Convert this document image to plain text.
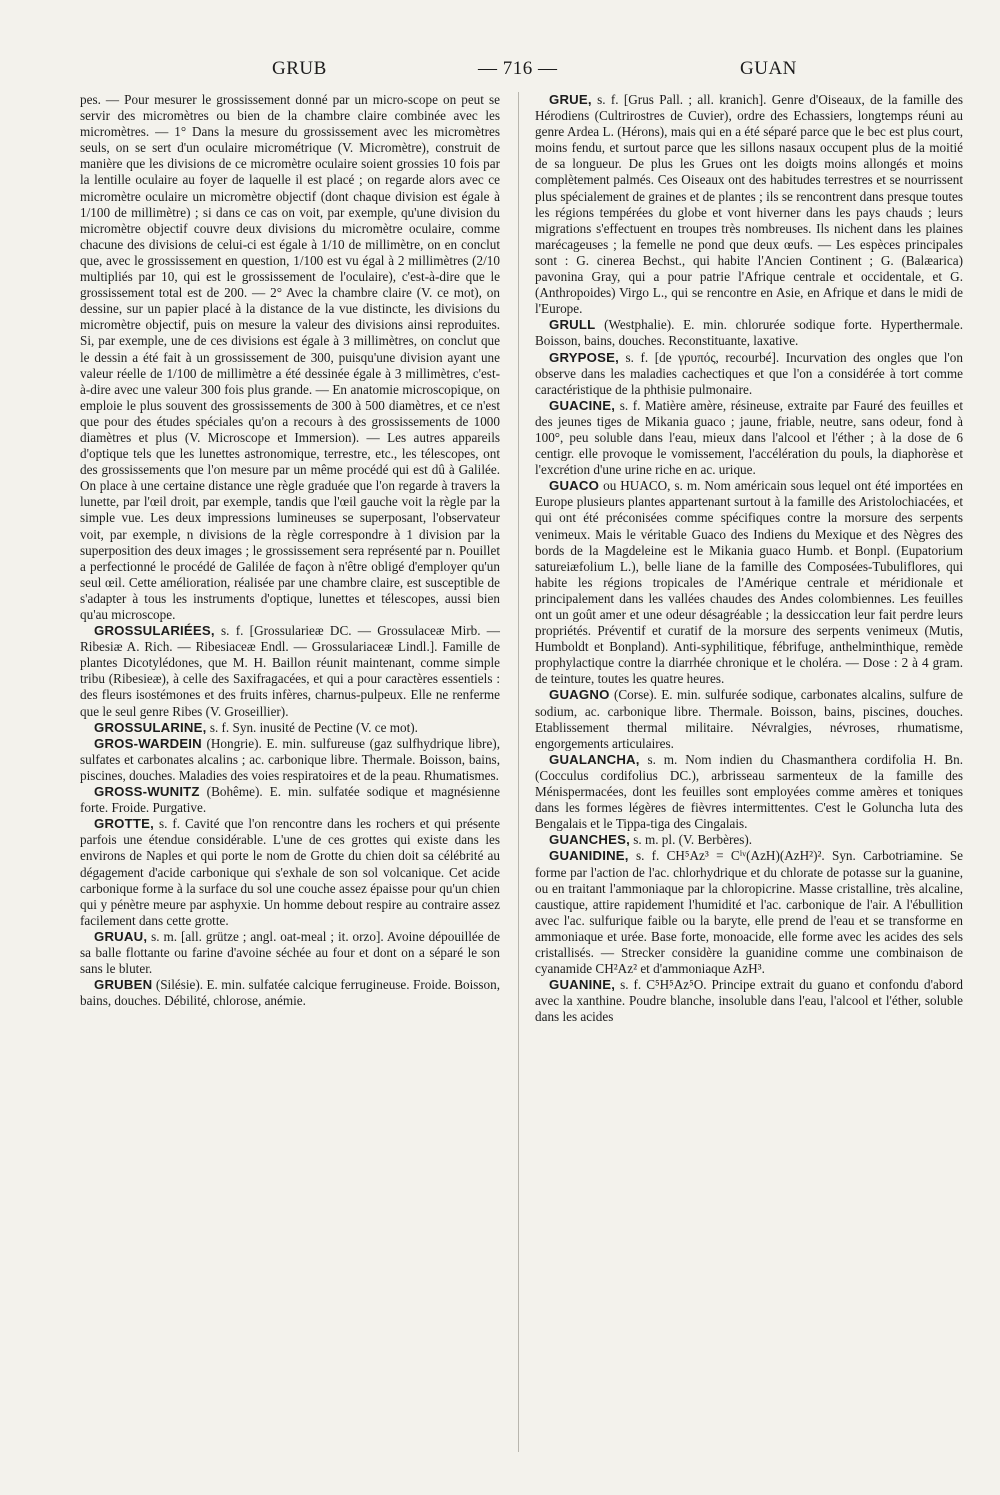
GRUB	— 716 —	GUAN

pes. — Pour mesurer le grossissement donné par un micro-scope on peut se servir des micromètres ou bien de la chambre claire combinée avec les micromètres. — 1° Dans la mesure du grossissement avec les micromètres seuls, on se sert d'un oculaire micrométrique (V. Micromètre), construit de manière que les divisions de ce micromètre oculaire soient grossies 10 fois par la lentille oculaire au foyer de laquelle il est placé ; on regarde alors avec ce micromètre oculaire un micromètre objectif (dont chaque division est égale à 1/100 de millimètre) ; si dans ce cas on voit, par exemple, qu'une division du micromètre objectif couvre deux divisions du micromètre oculaire, comme chacune des divisions de celui-ci est égale à 1/10 de millimètre, on en conclut que, avec le grossissement en question, 1/100 est vu égal à 2 millimètres (2/10 multipliés par 10, qui est le grossissement de l'oculaire), c'est-à-dire que le grossissement total est de 200. — 2° Avec la chambre claire (V. ce mot), on dessine, sur un papier placé à la distance de la vue distincte, les divisions du micromètre objectif, puis on mesure la valeur des divisions ainsi reproduites. Si, par exemple, une de ces divisions est égale à 3 millimètres, on conclut que le dessin a été fait à un grossissement de 300, puisqu'une division ayant une valeur réelle de 1/100 de millimètre a été dessinée égale à 3 millimètres, c'est-à-dire avec une valeur 300 fois plus grande. — En anatomie microscopique, on emploie le plus souvent des grossissements de 300 à 500 diamètres, et ce n'est que pour des études spéciales qu'on a recours à des grossissements de 1000 diamètres et plus (V. Microscope et Immersion). — Les autres appareils d'optique tels que les lunettes astronomique, terrestre, etc., les télescopes, ont des grossissements que l'on mesure par un même procédé qui est dû à Galilée. On place à une certaine distance une règle graduée que l'on regarde à travers la lunette, par l'œil droit, par exemple, tandis que l'œil gauche voit la règle par la simple vue. Les deux impressions lumineuses se superposant, l'observateur voit, par exemple, n divisions de la règle correspondre à 1 division par la superposition des deux images ; le grossissement sera représenté par n. Pouillet a perfectionné le procédé de Galilée de façon à n'être obligé d'employer qu'un seul œil. Cette amélioration, réalisée par une chambre claire, est susceptible de s'adapter à tous les instruments d'optique, lunettes et télescopes, aussi bien qu'au microscope.

GROSSULARIÉES, s. f. [Grossularieæ DC. — Grossulaceæ Mirb. — Ribesiæ A. Rich. — Ribesiaceæ Endl. — Grossulariaceæ Lindl.]. Famille de plantes Dicotylédones, que M. H. Baillon réunit maintenant, comme simple tribu (Ribesieæ), à celle des Saxifragacées, et qui a pour caractères essentiels : des fleurs isostémones et des fruits infères, charnus-pulpeux. Elle ne renferme que le seul genre Ribes (V. Groseillier).

GROSSULARINE, s. f. Syn. inusité de Pectine (V. ce mot).

GROS-WARDEIN (Hongrie). E. min. sulfureuse (gaz sulfhydrique libre), sulfates et carbonates alcalins ; ac. carbonique libre. Thermale. Boisson, bains, piscines, douches. Maladies des voies respiratoires et de la peau. Rhumatismes.

GROSS-WUNITZ (Bohême). E. min. sulfatée sodique et magnésienne forte. Froide. Purgative.

GROTTE, s. f. Cavité que l'on rencontre dans les rochers et qui présente parfois une étendue considérable. L'une de ces grottes qui existe dans les environs de Naples et qui porte le nom de Grotte du chien doit sa célébrité au dégagement d'acide carbonique qui s'exhale de son sol volcanique. Cet acide carbonique forme à la surface du sol une couche assez épaisse pour qu'un chien qui y pénètre meure par asphyxie. Un homme debout respire au contraire assez facilement dans cette grotte.

GRUAU, s. m. [all. grütze ; angl. oat-meal ; it. orzo]. Avoine dépouillée de sa balle flottante ou farine d'avoine séchée au four et dont on a séparé le son sans le bluter.

GRUBEN (Silésie). E. min. sulfatée calcique ferrugineuse. Froide. Boisson, bains, douches. Débilité, chlorose, anémie.

GRUE, s. f. [Grus Pall. ; all. kranich]. Genre d'Oiseaux, de la famille des Hérodiens (Cultrirostres de Cuvier), ordre des Echassiers, longtemps réuni au genre Ardea L. (Hérons), mais qui en a été séparé parce que le bec est plus court, moins fendu, et surtout parce que les sillons nasaux occupent plus de la moitié de sa longueur. De plus les Grues ont les doigts moins allongés et moins complètement palmés. Ces Oiseaux ont des habitudes terrestres et se nourrissent plus spécialement de graines et de plantes ; ils se rencontrent dans presque toutes les régions tempérées du globe et vont hiverner dans les pays chauds ; leurs migrations s'effectuent en troupes très nombreuses. Ils nichent dans les plaines marécageuses ; la femelle ne pond que deux œufs. — Les espèces principales sont : G. cinerea Bechst., qui habite l'Ancien Continent ; G. (Balæarica) pavonina Gray, qui a pour patrie l'Afrique centrale et occidentale, et G. (Anthropoides) Virgo L., qui se rencontre en Asie, en Afrique et dans le midi de l'Europe.

GRULL (Westphalie). E. min. chlorurée sodique forte. Hyperthermale. Boisson, bains, douches. Reconstituante, laxative.

GRYPOSE, s. f. [de γρυπός, recourbé]. Incurvation des ongles que l'on observe dans les maladies cachectiques et que l'on a considérée à tort comme caractéristique de la phthisie pulmonaire.

GUACINE, s. f. Matière amère, résineuse, extraite par Fauré des feuilles et des jeunes tiges de Mikania guaco ; jaune, friable, neutre, sans odeur, fond à 100°, peu soluble dans l'eau, mieux dans l'alcool et l'éther ; à la dose de 6 centigr. elle provoque le vomissement, l'accélération du pouls, la diaphorèse et l'excrétion d'une urine riche en ac. urique.

GUACO ou HUACO, s. m. Nom américain sous lequel ont été importées en Europe plusieurs plantes appartenant surtout à la famille des Aristolochiacées, et qui ont été préconisées comme spécifiques contre la morsure des serpents venimeux. Mais le véritable Guaco des Indiens du Mexique et des Nègres des bords de la Magdeleine est le Mikania guaco Humb. et Bonpl. (Eupatorium satureiæfolium L.), belle liane de la famille des Composées-Tubuliflores, qui habite les régions tropicales de l'Amérique centrale et méridionale et principalement dans les vallées chaudes des Andes colombiennes. Les feuilles ont un goût amer et une odeur désagréable ; la dessiccation leur fait perdre leurs propriétés. Préventif et curatif de la morsure des serpents venimeux (Mutis, Humboldt et Bonpland). Anti-syphilitique, fébrifuge, anthelminthique, remède prophylactique contre la diarrhée chronique et le choléra. — Dose : 2 à 4 gram. de teinture, toutes les quatre heures.

GUAGNO (Corse). E. min. sulfurée sodique, carbonates alcalins, sulfure de sodium, ac. carbonique libre. Thermale. Boisson, bains, piscines, douches. Etablissement thermal militaire. Névralgies, névroses, rhumatisme, engorgements articulaires.

GUALANCHA, s. m. Nom indien du Chasmanthera cordifolia H. Bn. (Cocculus cordifolius DC.), arbrisseau sarmenteux de la famille des Ménispermacées, dont les feuilles sont employées comme amères et toniques dans les formes légères de fièvres intermittentes. C'est le Goluncha luta des Bengalais et le Tippa-tiga des Cingalais.

GUANCHES, s. m. pl. (V. Berbères).

GUANIDINE, s. f. CH⁵Az³ = Cⁱᵛ(AzH)(AzH²)². Syn. Carbotriamine. Se forme par l'action de l'ac. chlorhydrique et du chlorate de potasse sur la guanine, ou en traitant l'ammoniaque par la chloropicrine. Masse cristalline, très alcaline, caustique, attire rapidement l'humidité et l'ac. carbonique de l'air. A l'ébullition avec l'ac. sulfurique faible ou la baryte, elle prend de l'eau et se transforme en ammoniaque et urée. Base forte, monoacide, elle forme avec les acides des sels cristallisés. — Strecker considère la guanidine comme une combinaison de cyanamide CH²Az² et d'ammoniaque AzH³.

GUANINE, s. f. C⁵H⁵Az⁵O. Principe extrait du guano et confondu d'abord avec la xanthine. Poudre blanche, insoluble dans l'eau, l'alcool et l'éther, soluble dans les acides
